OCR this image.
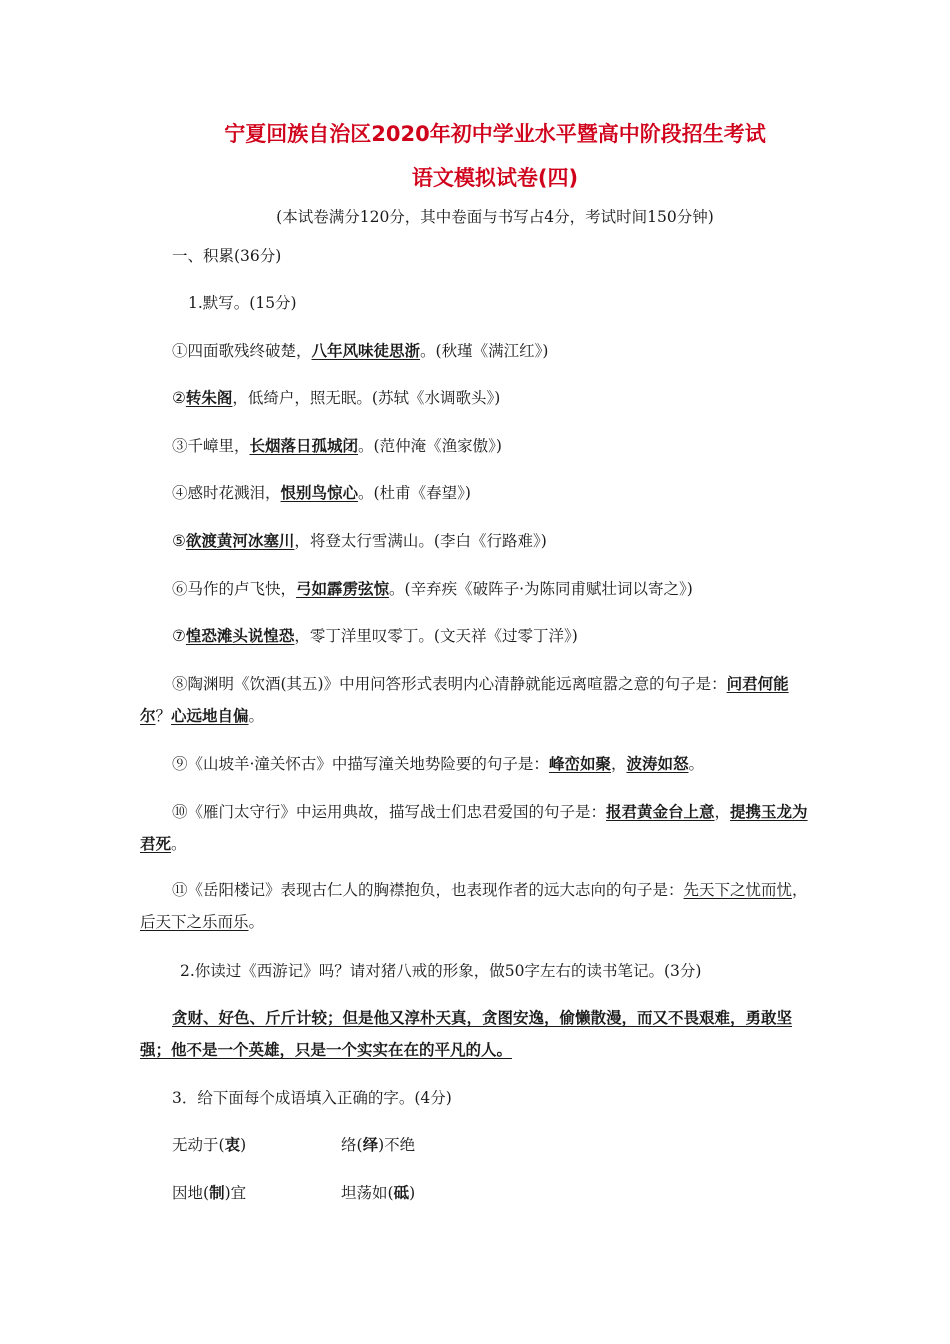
宁夏回族自治区2020年初中学业水平暨高中阶段招生考试
语文模拟试卷(四)
(本试卷满分120分，其中卷面与书写占4分，考试时间150分钟)
一、积累(36分)
1.默写。(15分)
①四面歌残终破楚，八年风味徒思浙。(秋瑾《满江红》)
②转朱阁，低绮户，照无眠。(苏轼《水调歌头》)
③千嶂里，长烟落日孤城闭。(范仲淹《渔家傲》)
④感时花溅泪，恨别鸟惊心。(杜甫《春望》)
⑤欲渡黄河冰塞川，将登太行雪满山。(李白《行路难》)
⑥马作的卢飞快，弓如霹雳弦惊。(辛弃疾《破阵子·为陈同甫赋壮词以寄之》)
⑦惶恐滩头说惶恐，零丁洋里叹零丁。(文天祥《过零丁洋》)
⑧陶渊明《饮酒(其五)》中用问答形式表明内心清静就能远离喧嚣之意的句子是：问君何能尔？心远地自偏。
⑨《山坡羊·潼关怀古》中描写潼关地势险要的句子是：峰峦如聚，波涛如怒。
⑩《雁门太守行》中运用典故，描写战士们忠君爱国的句子是：报君黄金台上意，提携玉龙为君死。
⑪《岳阳楼记》表现古仁人的胸襟抱负，也表现作者的远大志向的句子是：先天下之忧而忧，后天下之乐而乐。
2.你读过《西游记》吗？请对猪八戒的形象，做50字左右的读书笔记。(3分)
贪财、好色、斤斤计较；但是他又淳朴天真，贪图安逸，偷懒散漫，而又不畏艰难，勇敢坚强；他不是一个英雄，只是一个实实在在的平凡的人。
3．给下面每个成语填入正确的字。(4分)
无动于(衷)	络(绎)不绝
因地(制)宜	坦荡如(砥)
